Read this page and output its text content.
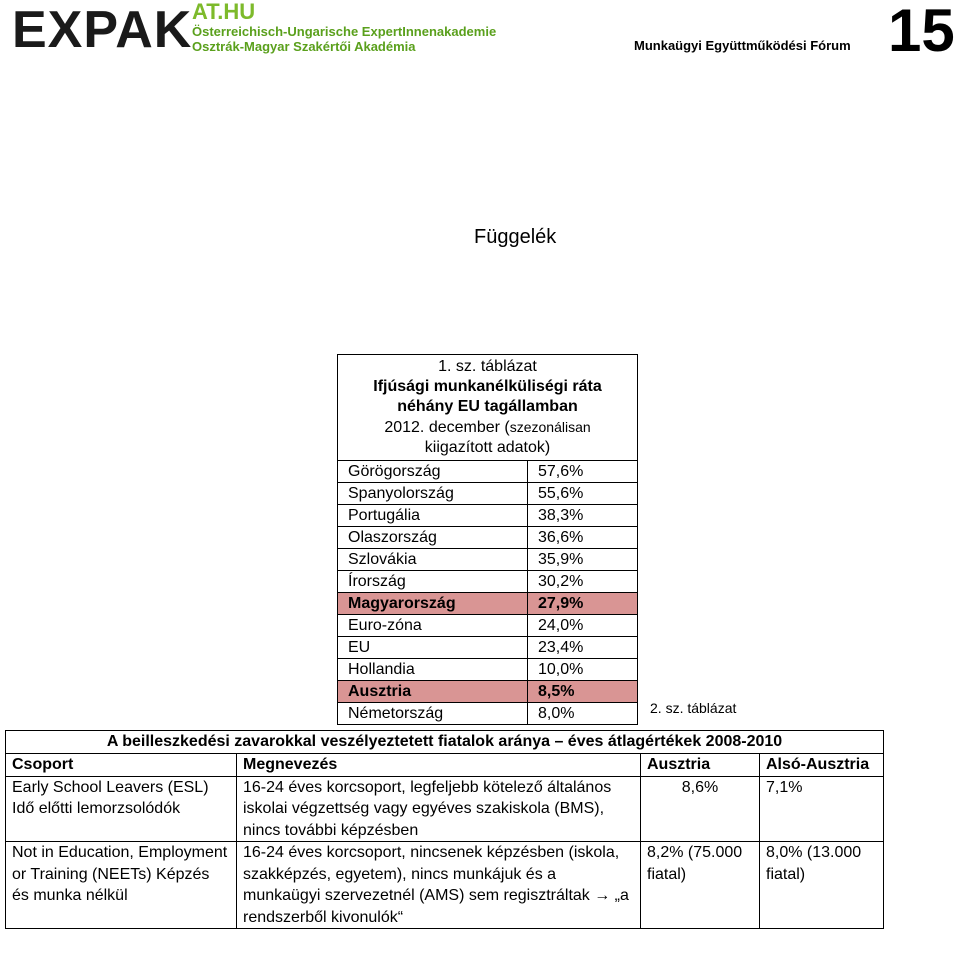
EXPAK AT.HU
Österreichisch-Ungarische ExpertInnenakademie
Osztrák-Magyar Szakértői Akadémia	Munkaügyi Együttműködési Fórum 15
Függelék
1. sz. táblázat
Ifjúsági munkanélküliségi ráta
néhány EU tagállamban
2012. december (szezonálisan
kiigazított adatok)	

Görögország	57,6%
Spanyolország	55,6%
Portugália	38,3%
Olaszország	36,6%
Szlovákia	35,9%
Írország	30,2%
Magyarország	27,9%
Euro-zóna	24,0%
EU	23,4%
Hollandia	10,0%
Ausztria	8,5%
Németország	8,0%	2. sz. táblázat
A beilleszkedési zavarokkal veszélyeztetett fiatalok aránya – éves átlagértékek 2008-2010			
Csoport	Megnevezés	Ausztria	Alsó-Ausztria
Early School Leavers (ESL) Idő előtti lemorzsolódók	16-24 éves korcsoport, legfeljebb kötelező általános iskolai végzettség vagy egyéves szakiskola (BMS), nincs további képzésben	8,6%	7,1%
Not in Education, Employment or Training (NEETs) Képzés és munka nélkül	16-24 éves korcsoport, nincsenek képzésben (iskola, szakképzés, egyetem), nincs munkájuk és a munkaügyi szervezetnél (AMS) sem regisztráltak → „a rendszerből kivonulók“	8,2% (75.000 fiatal)	8,0% (13.000 fiatal)
